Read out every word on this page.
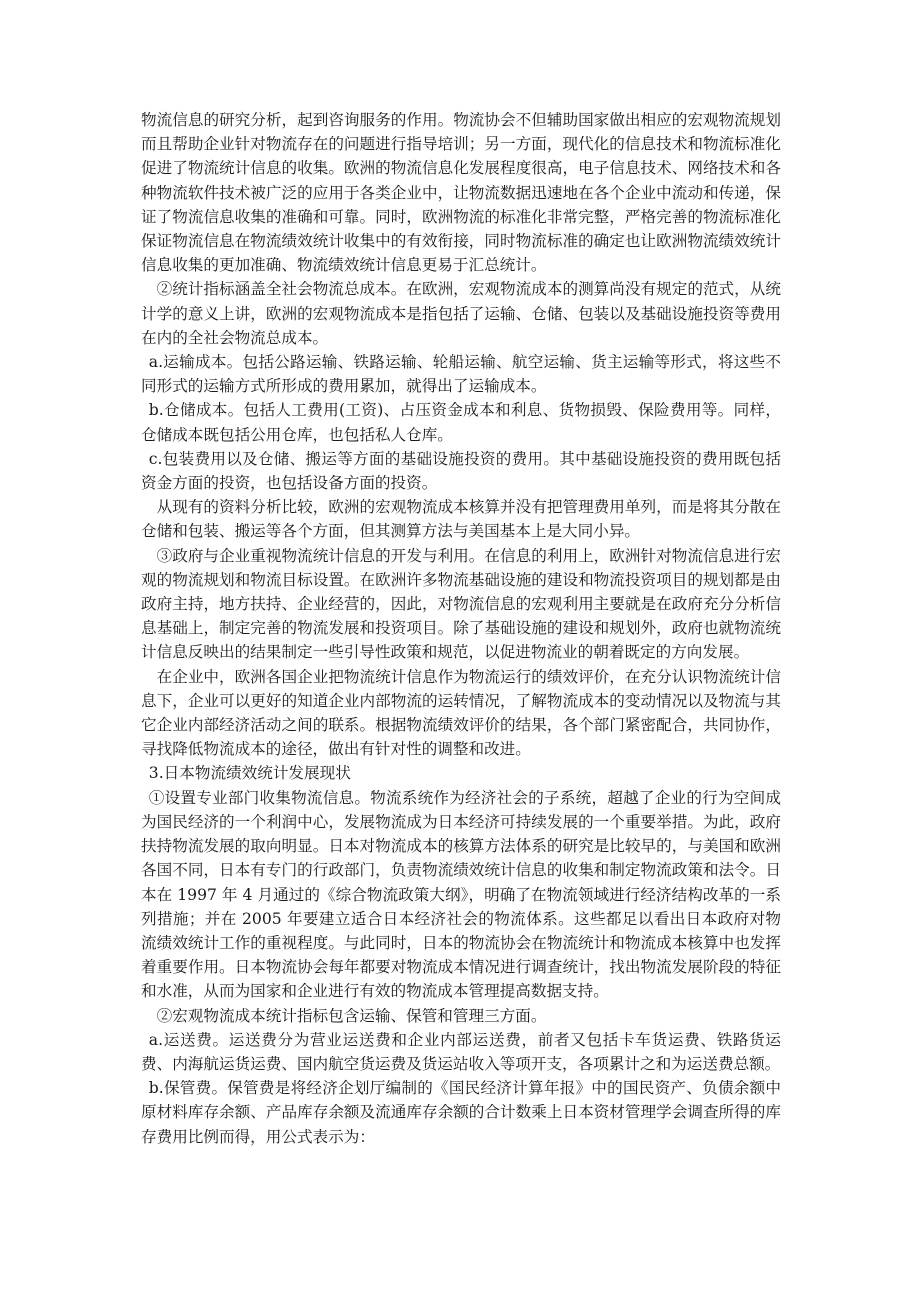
物流信息的研究分析，起到咨询服务的作用。物流协会不但辅助国家做出相应的宏观物流规划而且帮助企业针对物流存在的问题进行指导培训；另一方面，现代化的信息技术和物流标准化促进了物流统计信息的收集。欧洲的物流信息化发展程度很高，电子信息技术、网络技术和各种物流软件技术被广泛的应用于各类企业中，让物流数据迅速地在各个企业中流动和传递，保证了物流信息收集的准确和可靠。同时，欧洲物流的标准化非常完整，严格完善的物流标准化保证物流信息在物流绩效统计收集中的有效衔接，同时物流标准的确定也让欧洲物流绩效统计信息收集的更加准确、物流绩效统计信息更易于汇总统计。

②统计指标涵盖全社会物流总成本。在欧洲，宏观物流成本的测算尚没有规定的范式，从统计学的意义上讲，欧洲的宏观物流成本是指包括了运输、仓储、包装以及基础设施投资等费用在内的全社会物流总成本。

a.运输成本。包括公路运输、铁路运输、轮船运输、航空运输、货主运输等形式，将这些不同形式的运输方式所形成的费用累加，就得出了运输成本。

b.仓储成本。包括人工费用(工资)、占压资金成本和利息、货物损毁、保险费用等。同样，仓储成本既包括公用仓库，也包括私人仓库。

c.包装费用以及仓储、搬运等方面的基础设施投资的费用。其中基础设施投资的费用既包括资金方面的投资，也包括设备方面的投资。

从现有的资料分析比较，欧洲的宏观物流成本核算并没有把管理费用单列，而是将其分散在仓储和包装、搬运等各个方面，但其测算方法与美国基本上是大同小异。

③政府与企业重视物流统计信息的开发与利用。在信息的利用上，欧洲针对物流信息进行宏观的物流规划和物流目标设置。在欧洲许多物流基础设施的建设和物流投资项目的规划都是由政府主持，地方扶持、企业经营的，因此，对物流信息的宏观利用主要就是在政府充分分析信息基础上，制定完善的物流发展和投资项目。除了基础设施的建设和规划外，政府也就物流统计信息反映出的结果制定一些引导性政策和规范，以促进物流业的朝着既定的方向发展。

在企业中，欧洲各国企业把物流统计信息作为物流运行的绩效评价，在充分认识物流统计信息下，企业可以更好的知道企业内部物流的运转情况，了解物流成本的变动情况以及物流与其它企业内部经济活动之间的联系。根据物流绩效评价的结果，各个部门紧密配合，共同协作，寻找降低物流成本的途径，做出有针对性的调整和改进。

3.日本物流绩效统计发展现状

①设置专业部门收集物流信息。物流系统作为经济社会的子系统，超越了企业的行为空间成为国民经济的一个利润中心，发展物流成为日本经济可持续发展的一个重要举措。为此，政府扶持物流发展的取向明显。日本对物流成本的核算方法体系的研究是比较早的，与美国和欧洲各国不同，日本有专门的行政部门，负责物流绩效统计信息的收集和制定物流政策和法令。日本在 1997 年 4 月通过的《综合物流政策大纲》，明确了在物流领域进行经济结构改革的一系列措施；并在 2005 年要建立适合日本经济社会的物流体系。这些都足以看出日本政府对物流绩效统计工作的重视程度。与此同时，日本的物流协会在物流统计和物流成本核算中也发挥着重要作用。日本物流协会每年都要对物流成本情况进行调查统计，找出物流发展阶段的特征和水准，从而为国家和企业进行有效的物流成本管理提高数据支持。

②宏观物流成本统计指标包含运输、保管和管理三方面。

a.运送费。运送费分为营业运送费和企业内部运送费，前者又包括卡车货运费、铁路货运费、内海航运货运费、国内航空货运费及货运站收入等项开支，各项累计之和为运送费总额。

b.保管费。保管费是将经济企划厅编制的《国民经济计算年报》中的国民资产、负债余额中原材料库存余额、产品库存余额及流通库存余额的合计数乘上日本资材管理学会调查所得的库存费用比例而得，用公式表示为：
